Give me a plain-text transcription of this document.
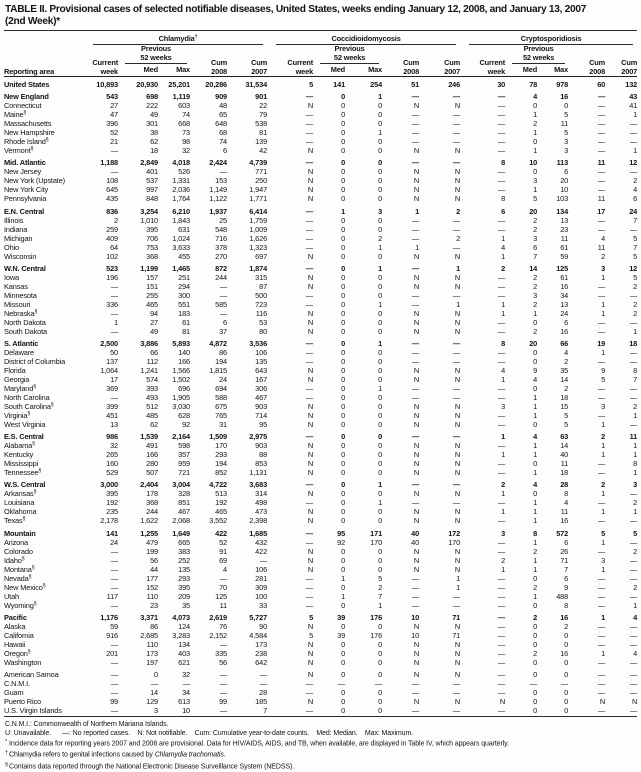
TABLE II. Provisional cases of selected notifiable diseases, United States, weeks ending January 12, 2008, and January 13, 2007
(2nd Week)*
Reporting area	Chlamydia†					Coccidioidomycosis					Cryptosporidiosis				

Current
week

Previous
52 weeks

Cum
2008

Cum
2007

Current
week

Previous
52 weeks

Cum
2008

Cum
2007

Current
week

Previous
52 weeks

Cum
2008

Cum
2007

		Med	Max				Med	Max				Med	Max		
United States	10,893	20,930	25,201	20,286	31,534	5	141	254	51	246	30	78	978	60	132
New England	543	698	1,119	909	901	—	0	1	—	—	—	4	16	—	43
Connecticut	27	222	603	48	22	N	0	0	N	N	—	0	0	—	41
Maine§	47	49	74	65	79	—	0	0	—	—	—	1	5	—	1
Massachusetts	396	301	668	648	538	—	0	0	—	—	—	2	11	—	—
New Hampshire	52	38	73	68	81	—	0	1	—	—	—	1	5	—	—
Rhode Island§	21	62	98	74	139	—	0	0	—	—	—	0	3	—	—
Vermont§	—	18	32	6	42	N	0	0	N	N	—	1	3	—	1
Mid. Atlantic	1,188	2,849	4,018	2,424	4,739	—	0	0	—	—	8	10	113	11	12
New Jersey	—	401	526	—	771	N	0	0	N	N	—	0	6	—	—
New York (Upstate)	108	537	1,331	153	250	N	0	0	N	N	—	3	20	—	2
New York City	645	997	2,036	1,149	1,947	N	0	0	N	N	—	1	10	—	4
Pennsylvania	435	848	1,764	1,122	1,771	N	0	0	N	N	8	5	103	11	6
E.N. Central	836	3,254	6,210	1,937	6,414	—	1	3	1	2	6	20	134	17	24
Illinois	2	1,010	1,843	25	1,759	—	0	0	—	—	—	2	13	—	7
Indiana	259	395	631	548	1,009	—	0	0	—	—	—	2	23	—	—
Michigan	409	706	1,024	716	1,626	—	0	2	—	2	1	3	11	4	5
Ohio	64	753	3,633	378	1,323	—	0	1	1	—	4	6	61	11	7
Wisconsin	102	368	455	270	697	N	0	0	N	N	1	7	59	2	5
W.N. Central	523	1,199	1,465	872	1,874	—	0	1	—	1	2	14	125	3	12
Iowa	196	157	251	244	315	N	0	0	N	N	—	2	61	1	5
Kansas	—	151	294	—	87	N	0	0	N	N	—	2	16	—	2
Minnesota	—	255	300	—	500	—	0	0	—	—	—	3	34	—	—
Missouri	336	465	551	585	723	—	0	1	—	1	1	2	13	1	2
Nebraska§	—	94	183	—	116	N	0	0	N	N	1	1	24	1	2
North Dakota	1	27	61	6	53	N	0	0	N	N	—	0	6	—	—
South Dakota	—	49	81	37	80	N	0	0	N	N	—	2	16	—	1
S. Atlantic	2,500	3,886	5,893	4,872	3,536	—	0	1	—	—	8	20	66	19	18
Delaware	50	66	140	86	106	—	0	0	—	—	—	0	4	1	—
District of Columbia	137	112	166	194	135	—	0	0	—	—	—	0	2	—	—
Florida	1,064	1,241	1,566	1,815	643	N	0	0	N	N	4	9	35	9	8
Georgia	17	574	1,502	24	167	N	0	0	N	N	1	4	14	5	7
Maryland§	369	393	696	694	306	—	0	1	—	—	—	0	2	—	—
North Carolina	—	493	1,905	588	467	—	0	0	—	—	—	1	18	—	—
South Carolina§	399	512	3,030	675	903	N	0	0	N	N	3	1	15	3	2
Virginia§	451	485	628	765	714	N	0	0	N	N	—	1	5	—	1
West Virginia	13	62	92	31	95	N	0	0	N	N	—	0	5	1	—
E.S. Central	986	1,539	2,164	1,509	2,975	—	0	0	—	—	1	4	63	2	11
Alabama§	32	491	598	170	903	N	0	0	N	N	—	1	14	1	1
Kentucky	265	166	357	293	88	N	0	0	N	N	1	1	40	1	1
Mississippi	160	280	959	194	853	N	0	0	N	N	—	0	11	—	8
Tennessee§	529	507	721	852	1,131	N	0	0	N	N	—	1	18	—	1
W.S. Central	3,000	2,404	3,004	4,722	3,683	—	0	1	—	—	2	4	28	2	3
Arkansas§	395	178	328	513	314	N	0	0	N	N	1	0	8	1	—
Louisiana	192	368	851	192	498	—	0	1	—	—	—	1	4	—	2
Oklahoma	235	244	467	465	473	N	0	0	N	N	1	1	11	1	1
Texas§	2,178	1,622	2,068	3,552	2,398	N	0	0	N	N	—	1	16	—	—
Mountain	141	1,255	1,649	422	1,685	—	95	171	40	172	3	8	572	5	5
Arizona	24	479	665	52	432	—	92	170	40	170	—	1	6	1	—
Colorado	—	199	383	91	422	N	0	0	N	N	—	2	26	—	2
Idaho§	—	56	252	69	—	N	0	0	N	N	2	1	71	3	—
Montana§	—	44	135	4	106	N	0	0	N	N	1	1	7	1	—
Nevada§	—	177	293	—	281	—	1	5	—	1	—	0	6	—	—
New Mexico§	—	152	395	70	309	—	0	2	—	1	—	2	9	—	2
Utah	117	110	209	125	100	—	1	7	—	—	—	1	488	—	—
Wyoming§	—	23	35	11	33	—	0	1	—	—	—	0	8	—	1
Pacific	1,176	3,371	4,073	2,619	5,727	5	39	176	10	71	—	2	16	1	4
Alaska	59	86	124	76	90	N	0	0	N	N	—	0	2	—	—
California	916	2,685	3,283	2,152	4,584	5	39	176	10	71	—	0	0	—	—
Hawaii	—	110	134	—	173	N	0	0	N	N	—	0	0	—	—
Oregon§	201	173	403	335	238	N	0	0	N	N	—	2	16	1	4
Washington	—	197	621	56	642	N	0	0	N	N	—	0	0	—	—
American Samoa	—	0	32	—	—	N	0	0	N	N	—	0	0	—	—
C.N.M.I.	—	—	—	—	—	—	—	—	—	—	—	—	—	—	—
Guam	—	14	34	—	28	—	0	0	—	—	—	0	0	—	—
Puerto Rico	99	129	613	99	185	N	0	0	N	N	N	0	0	N	N
U.S. Virgin Islands	—	3	10	—	7	—	0	0	—	—	—	0	0	—	—
C.N.M.I.: Commonwealth of Northern Mariana Islands.
U: Unavailable.      —: No reported cases.    N: Not notifiable.    Cum: Cumulative year-to-date counts.    Med: Median.    Max: Maximum.
* Incidence data for reporting years 2007 and 2008 are provisional. Data for HIV/AIDS, AIDS, and TB, when available, are displayed in Table IV, which appears quarterly.
†Chlamydia refers to genital infections caused by Chlamydia trachomatis.
§Contains data reported through the National Electronic Disease Surveillance System (NEDSS).
